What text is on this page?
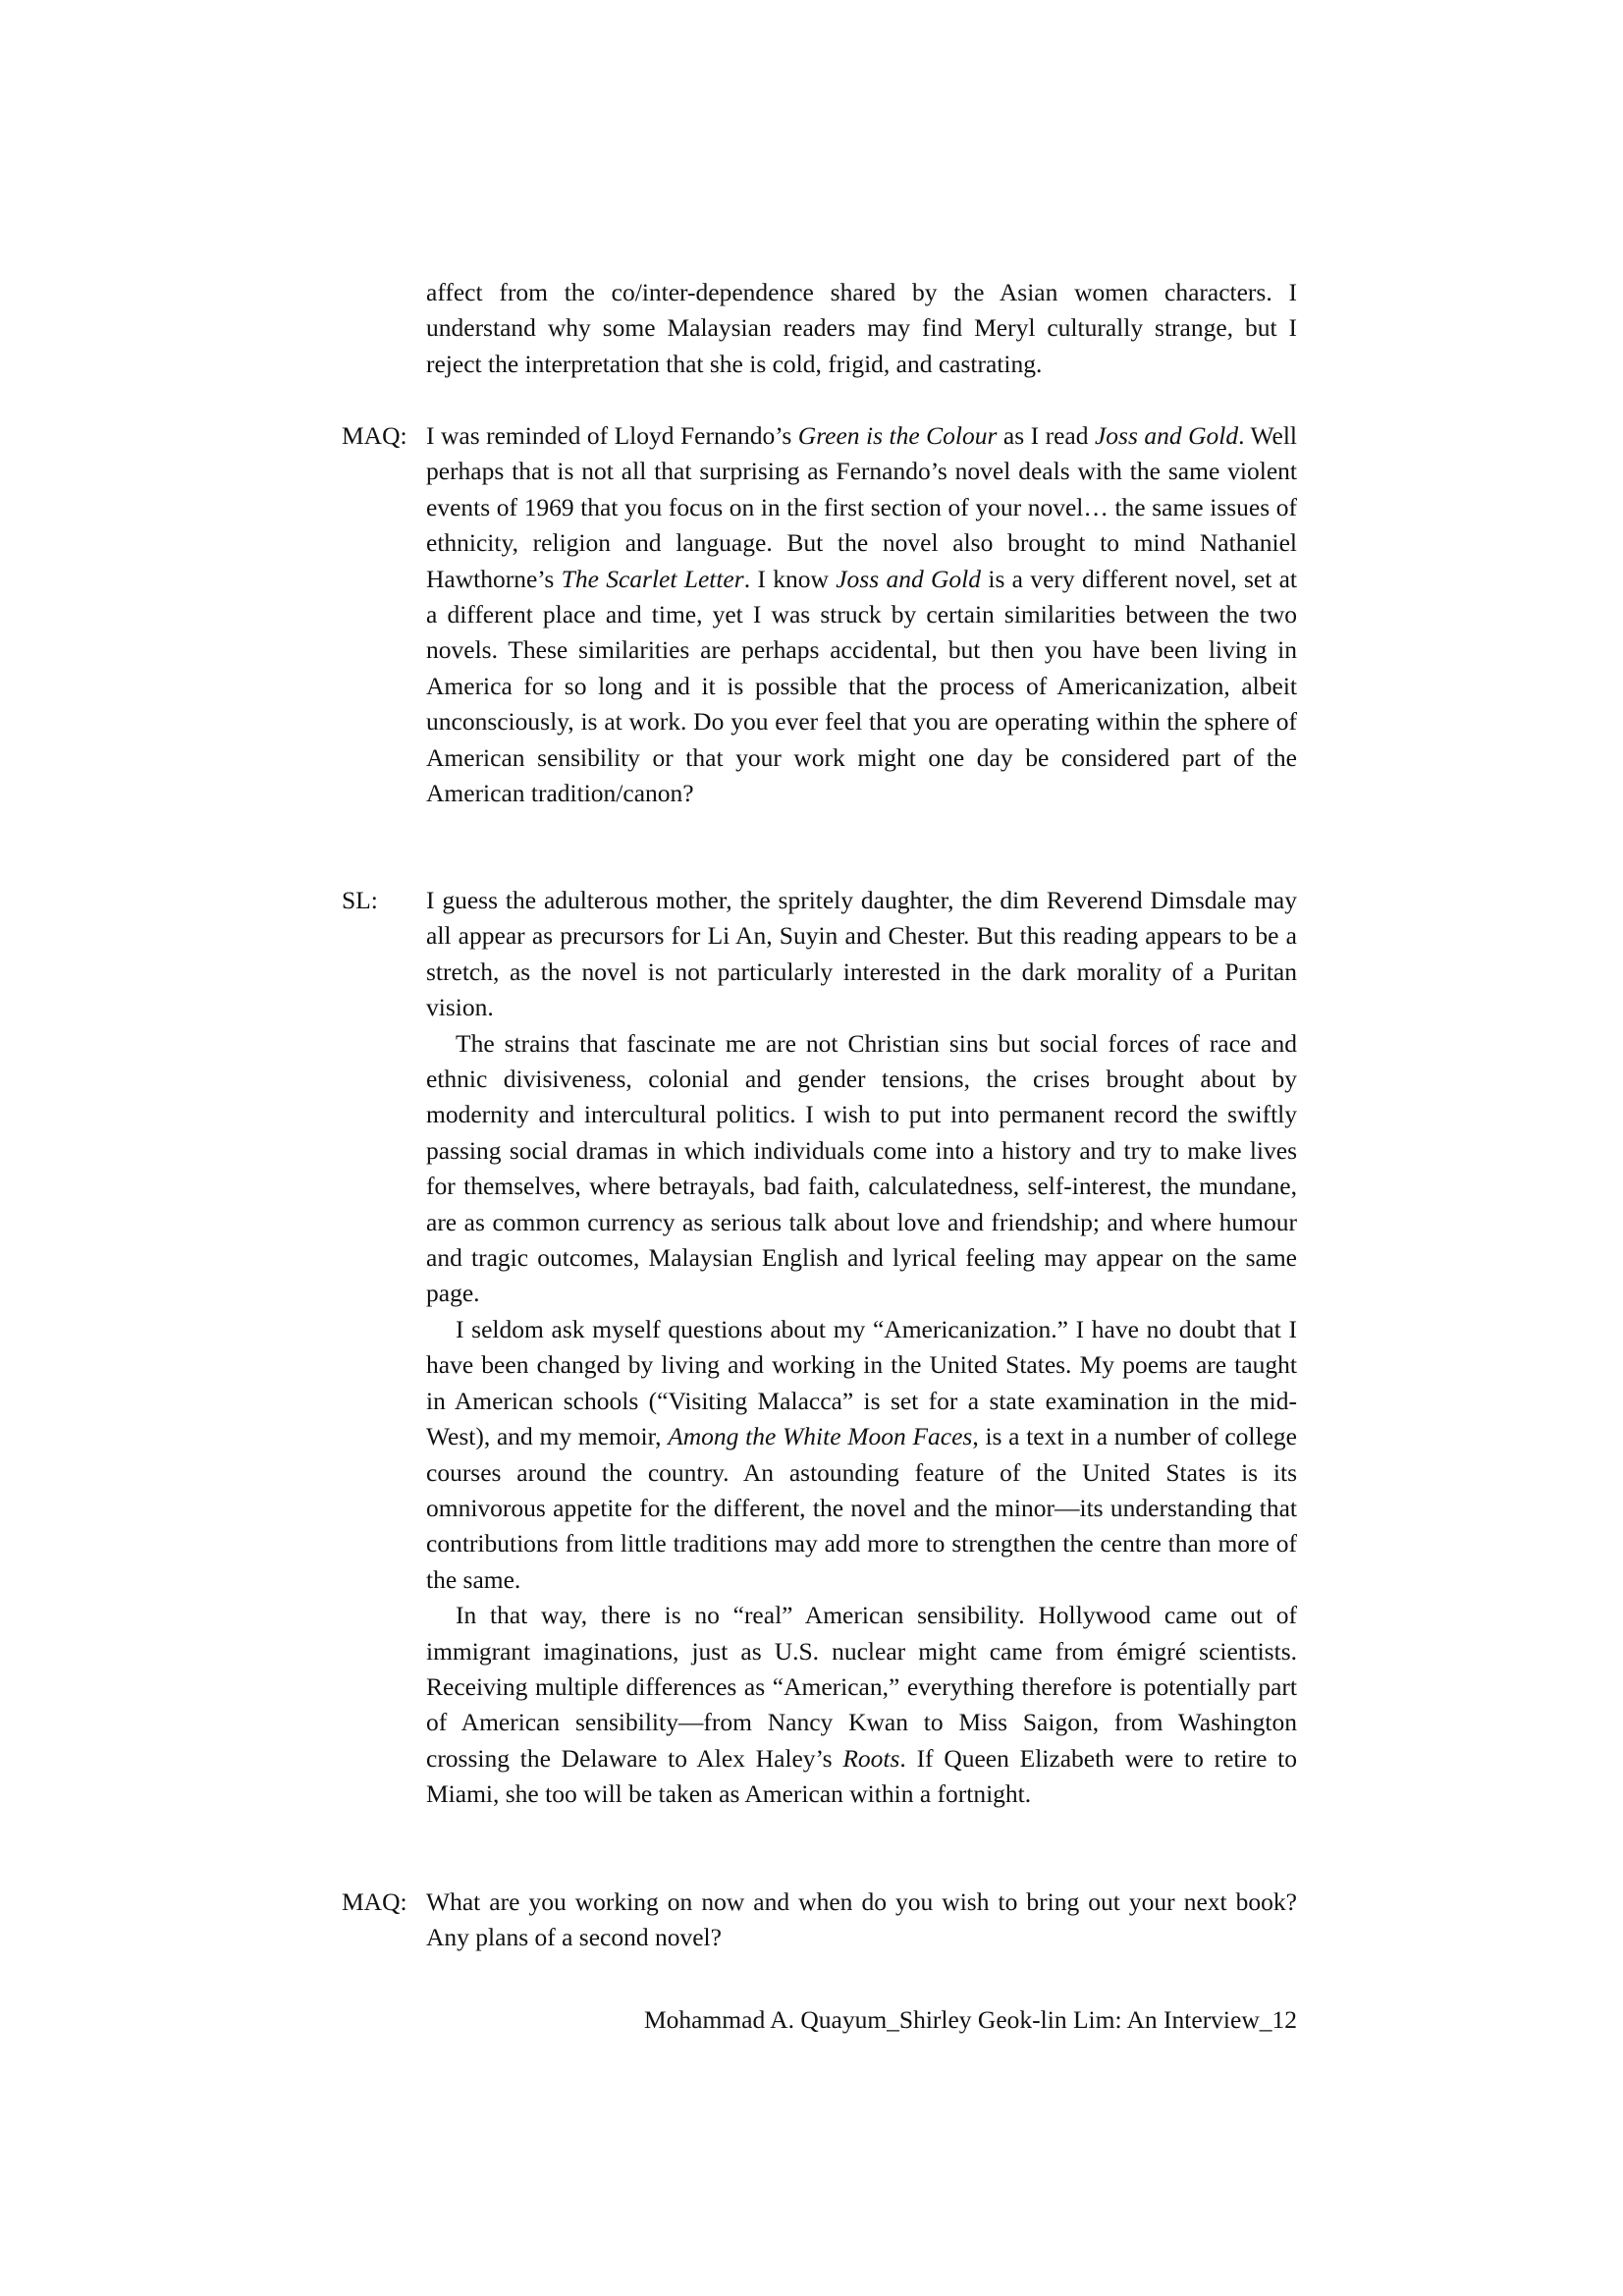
affect from the co/inter-dependence shared by the Asian women characters. I understand why some Malaysian readers may find Meryl culturally strange, but I reject the interpretation that she is cold, frigid, and castrating.

MAQ: I was reminded of Lloyd Fernando’s Green is the Colour as I read Joss and Gold. Well perhaps that is not all that surprising as Fernando’s novel deals with the same violent events of 1969 that you focus on in the first section of your novel… the same issues of ethnicity, religion and language. But the novel also brought to mind Nathaniel Hawthorne’s The Scarlet Letter. I know Joss and Gold is a very different novel, set at a different place and time, yet I was struck by certain similarities between the two novels. These similarities are perhaps accidental, but then you have been living in America for so long and it is possible that the process of Americanization, albeit unconsciously, is at work. Do you ever feel that you are operating within the sphere of American sensibility or that your work might one day be considered part of the American tradition/canon?

SL:	I guess the adulterous mother, the spritely daughter, the dim Reverend Dimsdale may all appear as precursors for Li An, Suyin and Chester. But this reading appears to be a stretch, as the novel is not particularly interested in the dark morality of a Puritan vision.

The strains that fascinate me are not Christian sins but social forces of race and ethnic divisiveness, colonial and gender tensions, the crises brought about by modernity and intercultural politics. I wish to put into permanent record the swiftly passing social dramas in which individuals come into a history and try to make lives for themselves, where betrayals, bad faith, calculatedness, self-interest, the mundane, are as common currency as serious talk about love and friendship; and where humour and tragic outcomes, Malaysian English and lyrical feeling may appear on the same page.

I seldom ask myself questions about my “Americanization.” I have no doubt that I have been changed by living and working in the United States. My poems are taught in American schools (“Visiting Malacca” is set for a state examination in the mid-West), and my memoir, Among the White Moon Faces, is a text in a number of college courses around the country. An astounding feature of the United States is its omnivorous appetite for the different, the novel and the minor—its understanding that contributions from little traditions may add more to strengthen the centre than more of the same.

In that way, there is no “real” American sensibility. Hollywood came out of immigrant imaginations, just as U.S. nuclear might came from émigré scientists. Receiving multiple differences as “American,” everything therefore is potentially part of American sensibility—from Nancy Kwan to Miss Saigon, from Washington crossing the Delaware to Alex Haley’s Roots. If Queen Elizabeth were to retire to Miami, she too will be taken as American within a fortnight.

MAQ: What are you working on now and when do you wish to bring out your next book? Any plans of a second novel?

Mohammad A. Quayum_Shirley Geok-lin Lim: An Interview_12
